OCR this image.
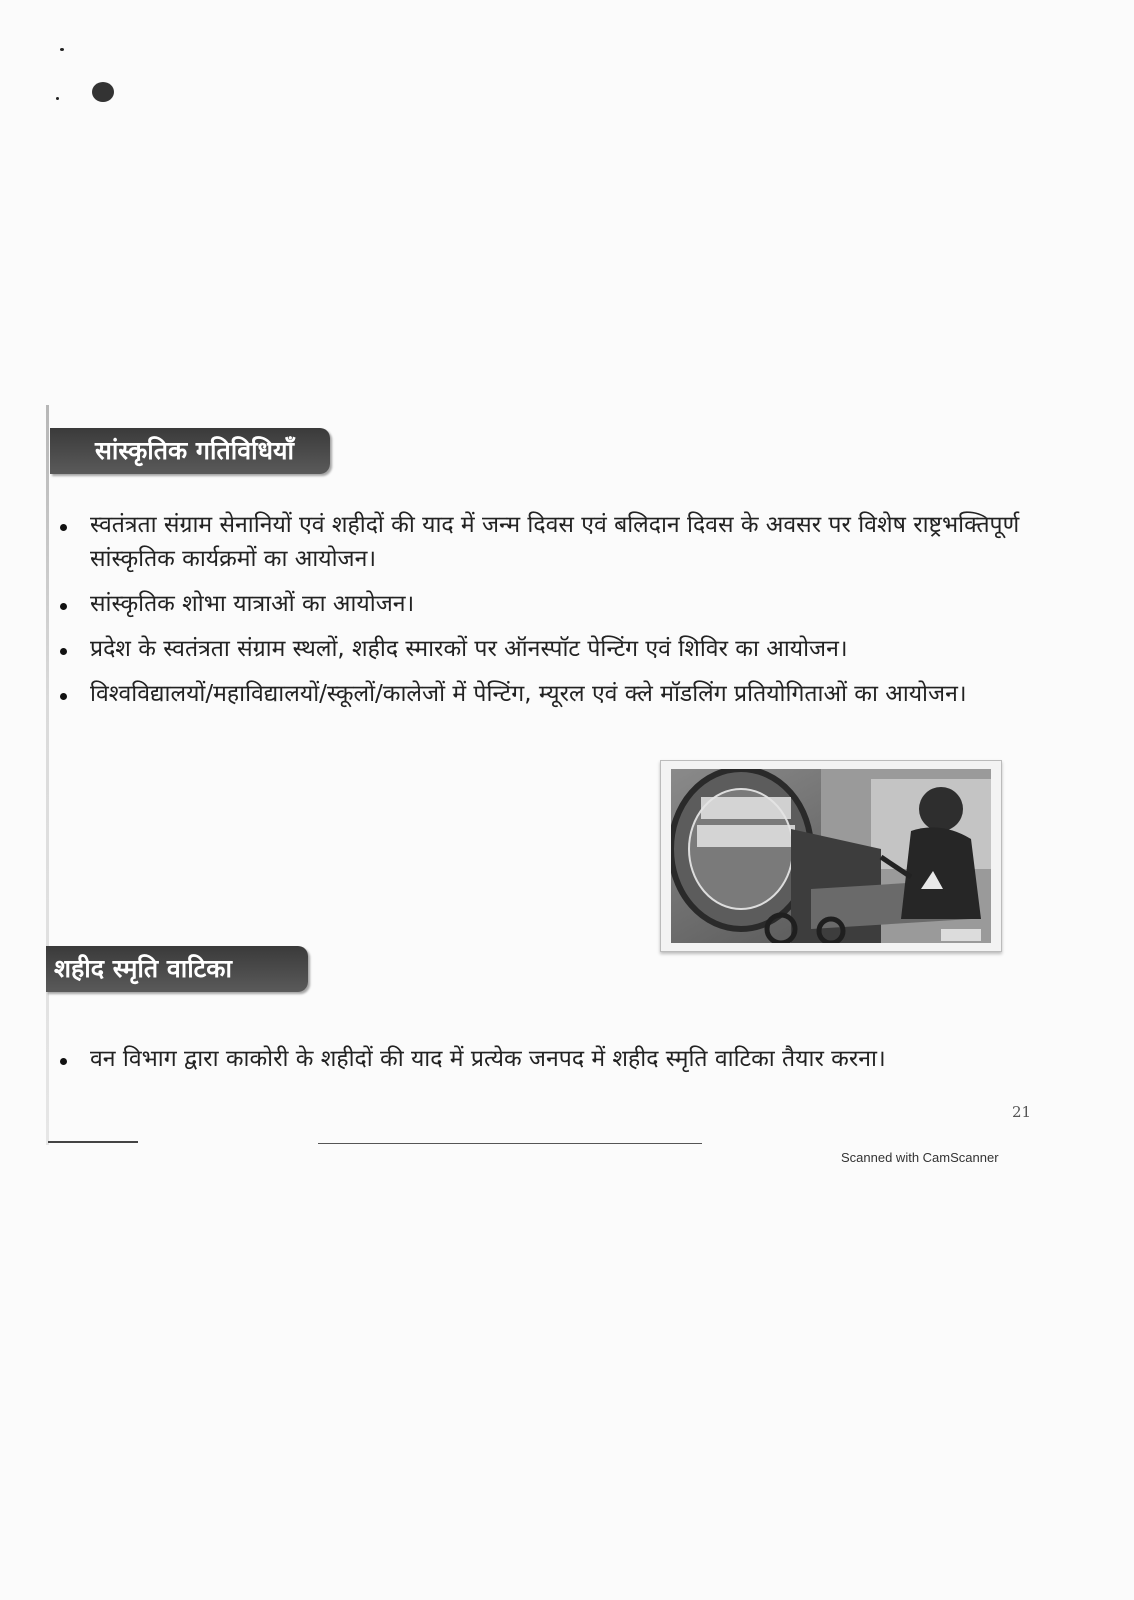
सांस्कृतिक गतिविधियाँ
स्वतंत्रता संग्राम सेनानियों एवं शहीदों की याद में जन्म दिवस एवं बलिदान दिवस के अवसर पर विशेष राष्ट्रभक्तिपूर्ण सांस्कृतिक कार्यक्रमों का आयोजन।
सांस्कृतिक शोभा यात्राओं का आयोजन।
प्रदेश के स्वतंत्रता संग्राम स्थलों, शहीद स्मारकों पर ऑनस्पॉट पेन्टिंग एवं शिविर का आयोजन।
विश्वविद्यालयों/महाविद्यालयों/स्कूलों/कालेजों में पेन्टिंग, म्यूरल एवं क्ले मॉडलिंग प्रतियोगिताओं का आयोजन।
शहीद स्मृति वाटिका
वन विभाग द्वारा काकोरी के शहीदों की याद में प्रत्येक जनपद में शहीद स्मृति वाटिका तैयार करना।
21
Scanned with CamScanner
